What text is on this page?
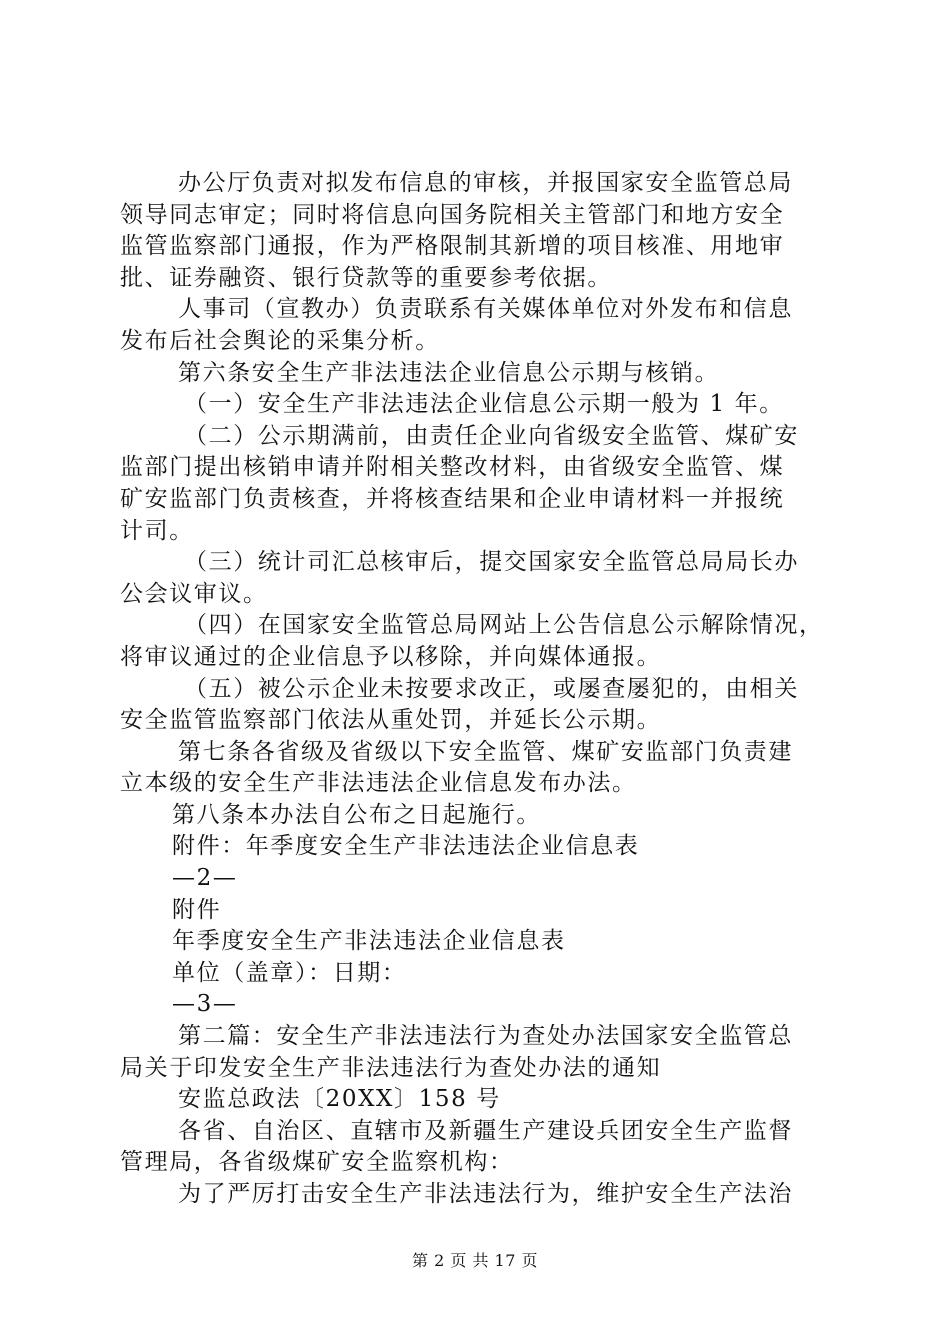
办公厅负责对拟发布信息的审核，并报国家安全监管总局
领导同志审定；同时将信息向国务院相关主管部门和地方安全
监管监察部门通报，作为严格限制其新增的项目核准、用地审
批、证券融资、银行贷款等的重要参考依据。
人事司（宣教办）负责联系有关媒体单位对外发布和信息
发布后社会舆论的采集分析。
第六条安全生产非法违法企业信息公示期与核销。
（一）安全生产非法违法企业信息公示期一般为 1 年。
（二）公示期满前，由责任企业向省级安全监管、煤矿安
监部门提出核销申请并附相关整改材料，由省级安全监管、煤
矿安监部门负责核查，并将核查结果和企业申请材料一并报统
计司。
（三）统计司汇总核审后，提交国家安全监管总局局长办
公会议审议。
（四）在国家安全监管总局网站上公告信息公示解除情况，
将审议通过的企业信息予以移除，并向媒体通报。
（五）被公示企业未按要求改正，或屡查屡犯的，由相关
安全监管监察部门依法从重处罚，并延长公示期。
第七条各省级及省级以下安全监管、煤矿安监部门负责建
立本级的安全生产非法违法企业信息发布办法。
第八条本办法自公布之日起施行。
附件：年季度安全生产非法违法企业信息表
—2—
附件
年季度安全生产非法违法企业信息表
单位（盖章）：日期：
—3—
第二篇：安全生产非法违法行为查处办法国家安全监管总
局关于印发安全生产非法违法行为查处办法的通知
安监总政法〔20XX〕158 号
各省、自治区、直辖市及新疆生产建设兵团安全生产监督
管理局，各省级煤矿安全监察机构：
为了严厉打击安全生产非法违法行为，维护安全生产法治
第 2 页 共 17 页
